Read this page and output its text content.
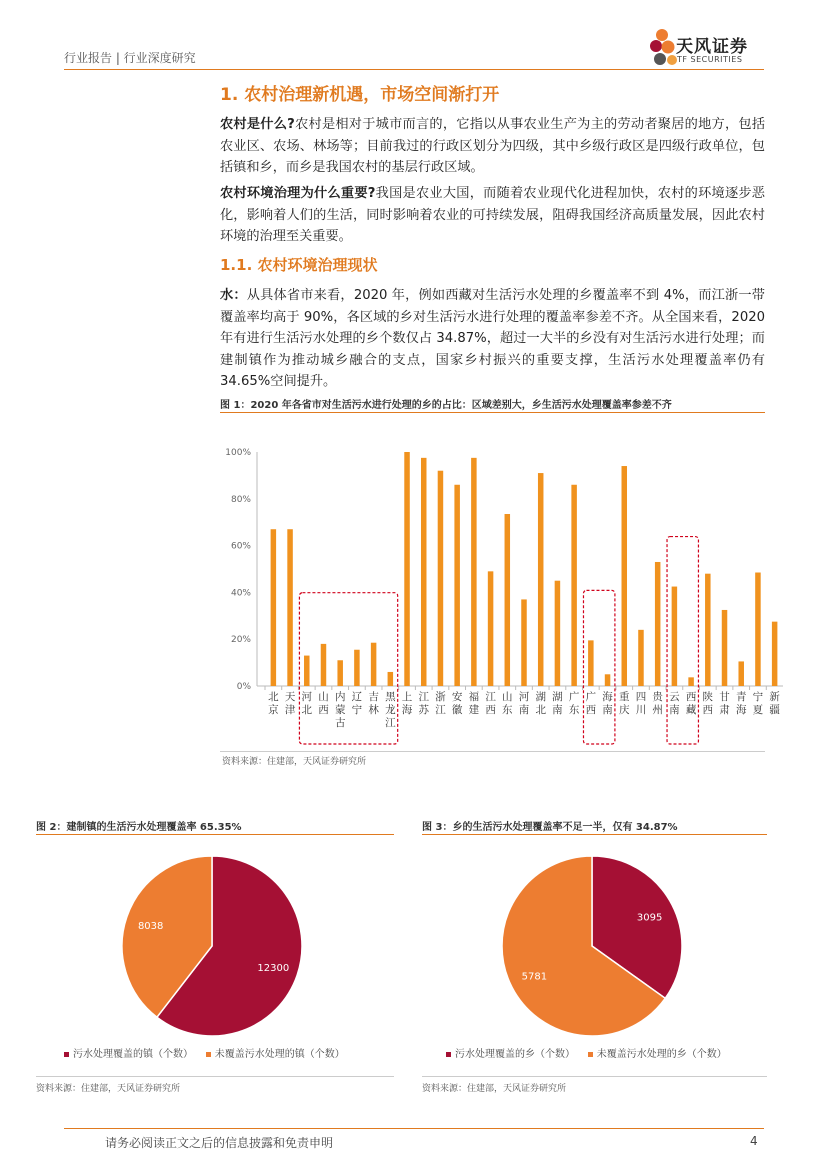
行业报告 | 行业深度研究
天风证券
TF SECURITIES
1. 农村治理新机遇，市场空间渐打开
农村是什么?农村是相对于城市而言的，它指以从事农业生产为主的劳动者聚居的地方，包括农业区、农场、林场等；目前我过的行政区划分为四级，其中乡级行政区是四级行政单位，包括镇和乡，而乡是我国农村的基层行政区域。
农村环境治理为什么重要?我国是农业大国，而随着农业现代化进程加快，农村的环境逐步恶化，影响着人们的生活，同时影响着农业的可持续发展，阻碍我国经济高质量发展，因此农村环境的治理至关重要。
1.1. 农村环境治理现状
水：从具体省市来看，2020 年，例如西藏对生活污水处理的乡覆盖率不到 4%，而江浙一带覆盖率均高于 90%，各区域的乡对生活污水进行处理的覆盖率参差不齐。从全国来看，2020 年有进行生活污水处理的乡个数仅占 34.87%，超过一大半的乡没有对生活污水进行处理；而建制镇作为推动城乡融合的支点，国家乡村振兴的重要支撑，生活污水处理覆盖率仍有 34.65%空间提升。
图 1：2020 年各省市对生活污水进行处理的乡的占比：区域差别大，乡生活污水处理覆盖率参差不齐
0%
20%
40%
60%
80%
100%
北京
天津
河北
山西
内蒙古
辽宁
吉林
黑龙江
上海
江苏
浙江
安徽
福建
江西
山东
河南
湖北
湖南
广东
广西
海南
重庆
四川
贵州
云南
西藏
陕西
甘肃
青海
宁夏
新疆
资料来源：住建部，天风证券研究所
图 2：建制镇的生活污水处理覆盖率 65.35%
12300
8038
污水处理覆盖的镇（个数） 未覆盖污水处理的镇（个数）
资料来源：住建部，天风证券研究所
图 3：乡的生活污水处理覆盖率不足一半，仅有 34.87%
3095
5781
污水处理覆盖的乡（个数） 未覆盖污水处理的乡（个数）
资料来源：住建部，天风证券研究所
请务必阅读正文之后的信息披露和免责申明	4
